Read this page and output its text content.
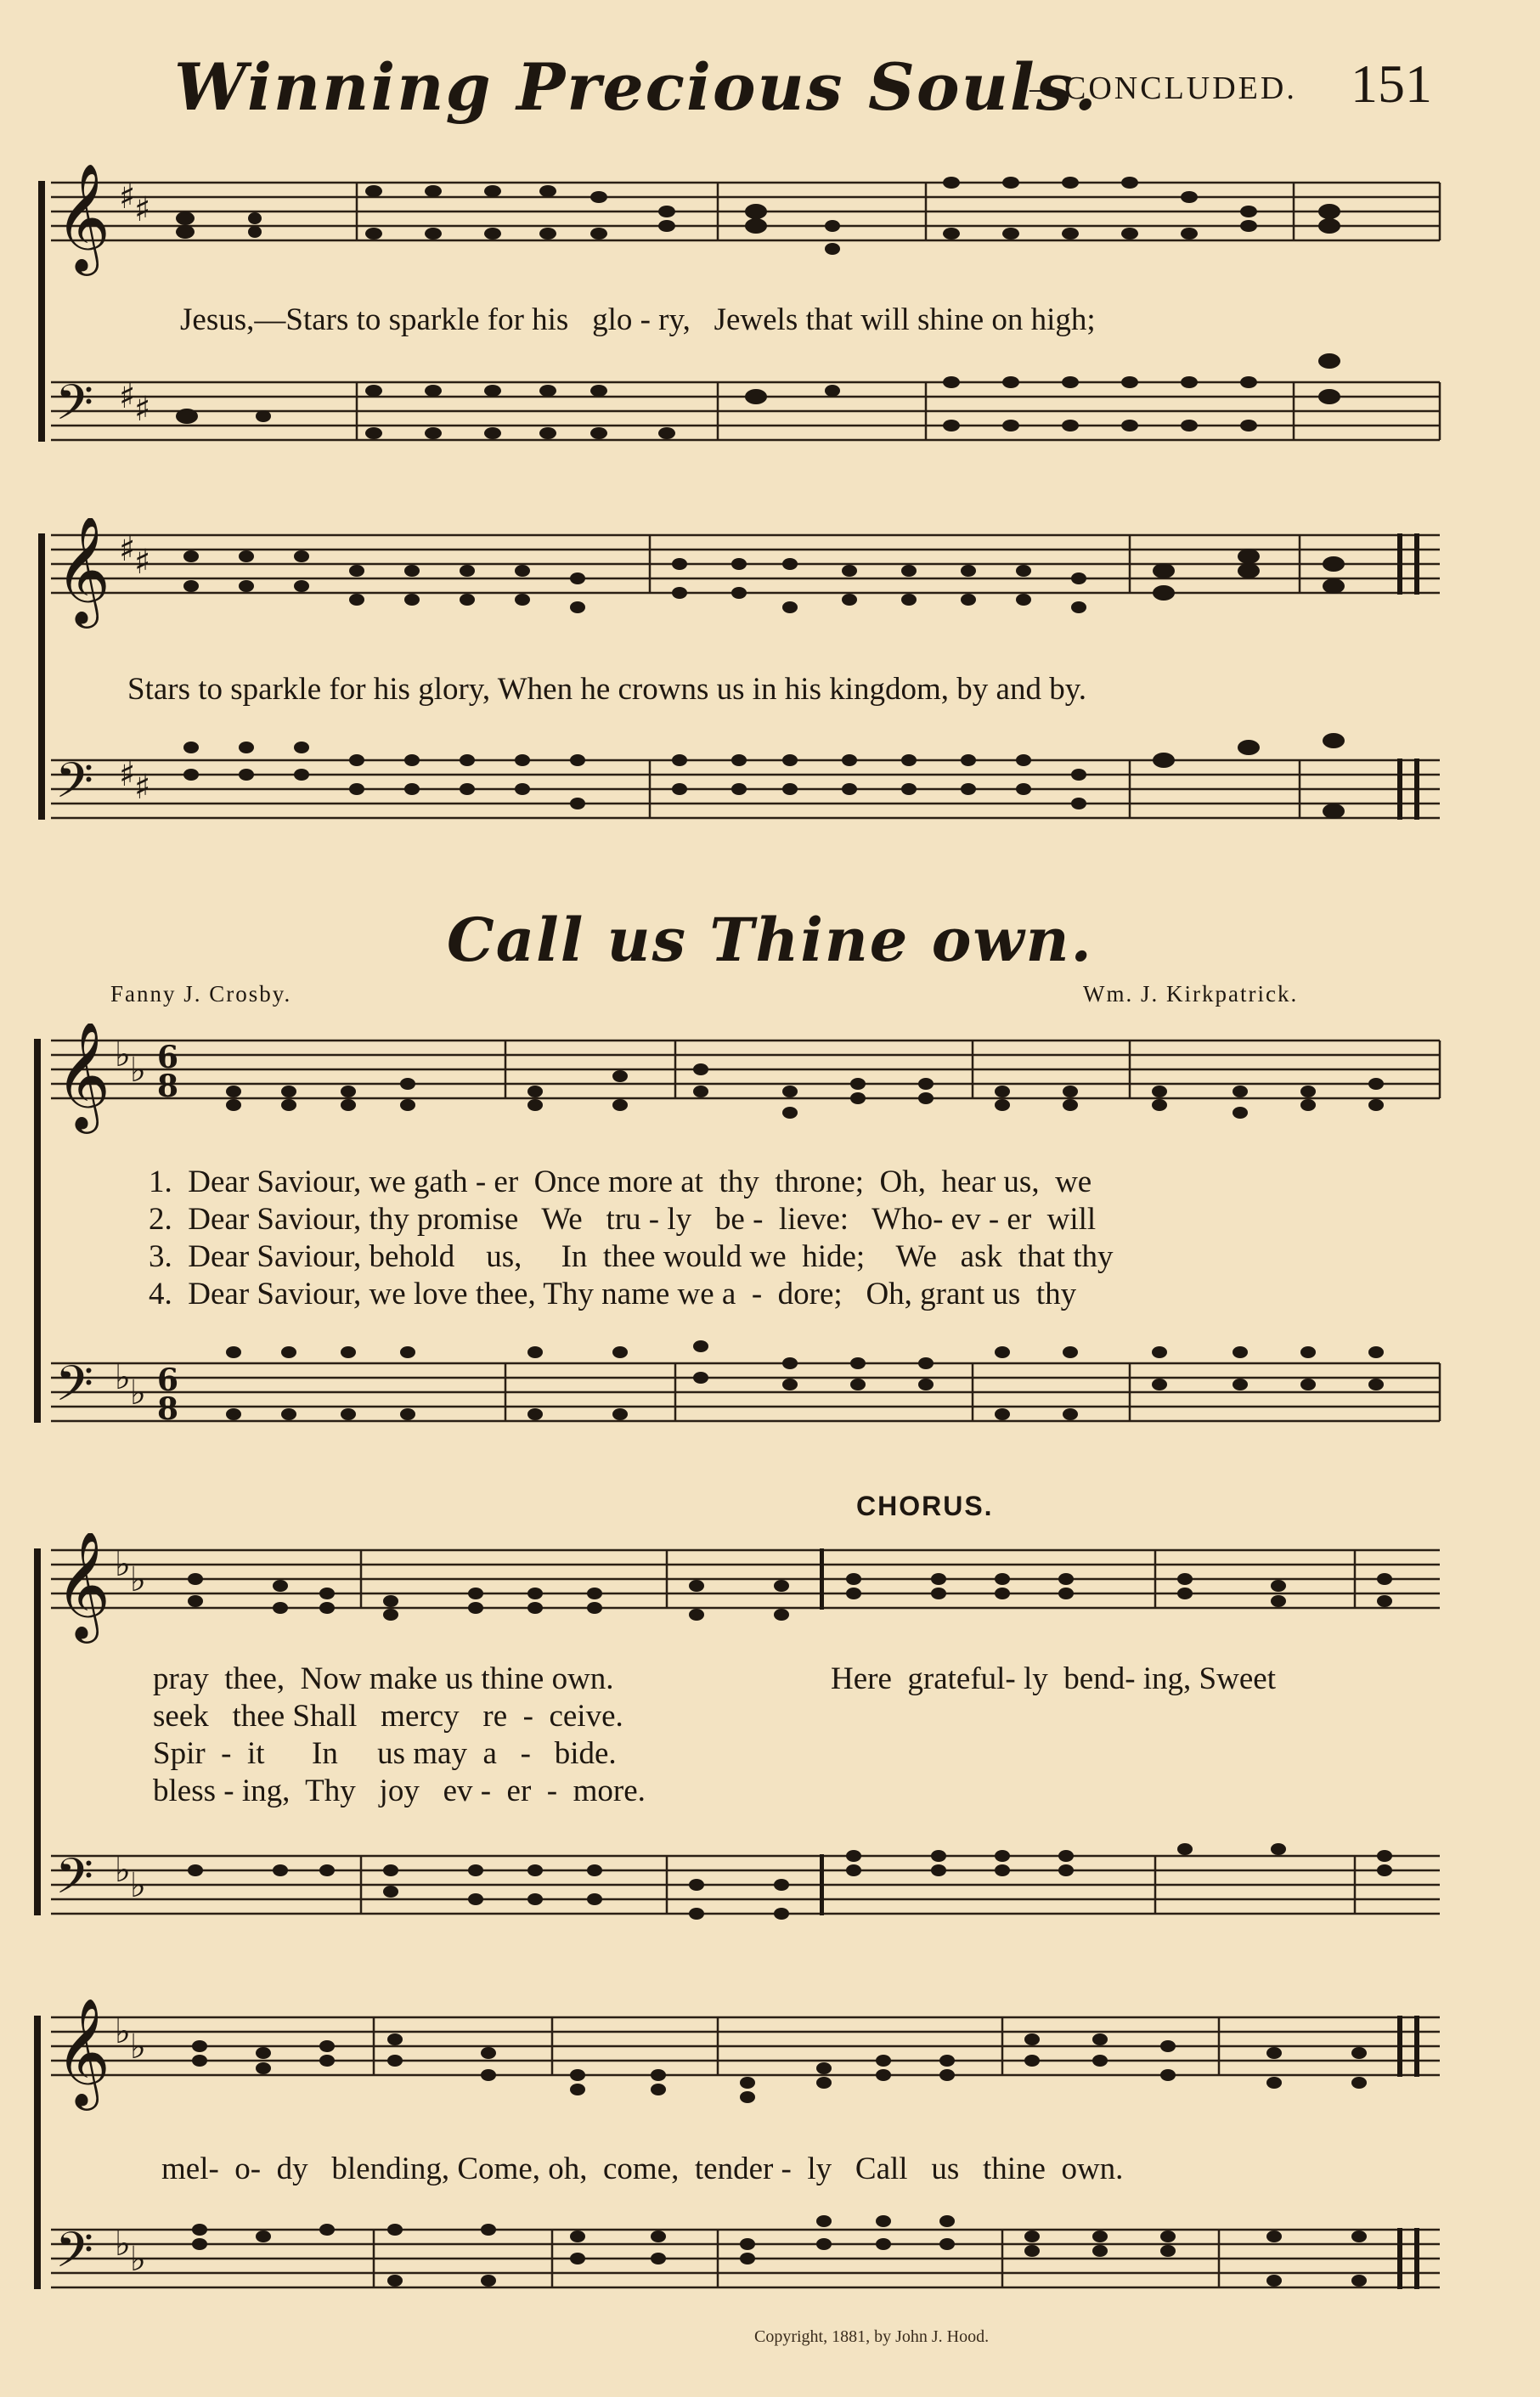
Winning Precious Souls.
—CONCLUDED. 151
𝄞
𝄢
♯
♯
♯
♯
Jesus,—Stars to sparkle for his   glo - ry,   Jewels that will shine on high;
𝄞
𝄢
♯
♯
♯
♯
Stars to sparkle for his glory, When he crowns us in his kingdom, by and by.
Call us Thine own.
Fanny J. Crosby.	Wm. J. Kirkpatrick.
𝄞
𝄢
♭ ♭
♭ ♭
6
8
6
8
1.  Dear Saviour, we gath - er  Once more at  thy  throne;  Oh,  hear us,  we
2.  Dear Saviour, thy promise   We   tru - ly   be -  lieve:   Who- ev - er  will
3.  Dear Saviour, behold    us,     In  thee would we  hide;    We   ask  that thy
4.  Dear Saviour, we love thee, Thy name we a  -  dore;   Oh, grant us  thy
CHORUS.
𝄞
𝄢
♭ ♭
♭ ♭
pray  thee,  Now make us thine own.
seek   thee Shall   mercy   re  -  ceive.
Spir  -  it      In     us may  a   -   bide.
bless - ing,  Thy   joy   ev -  er  -  more.
Here  grateful- ly  bend- ing, Sweet
𝄞
𝄢
♭ ♭
♭ ♭
mel-  o-  dy   blending, Come, oh,  come,  tender -  ly   Call   us   thine  own.
Copyright, 1881, by John J. Hood.
